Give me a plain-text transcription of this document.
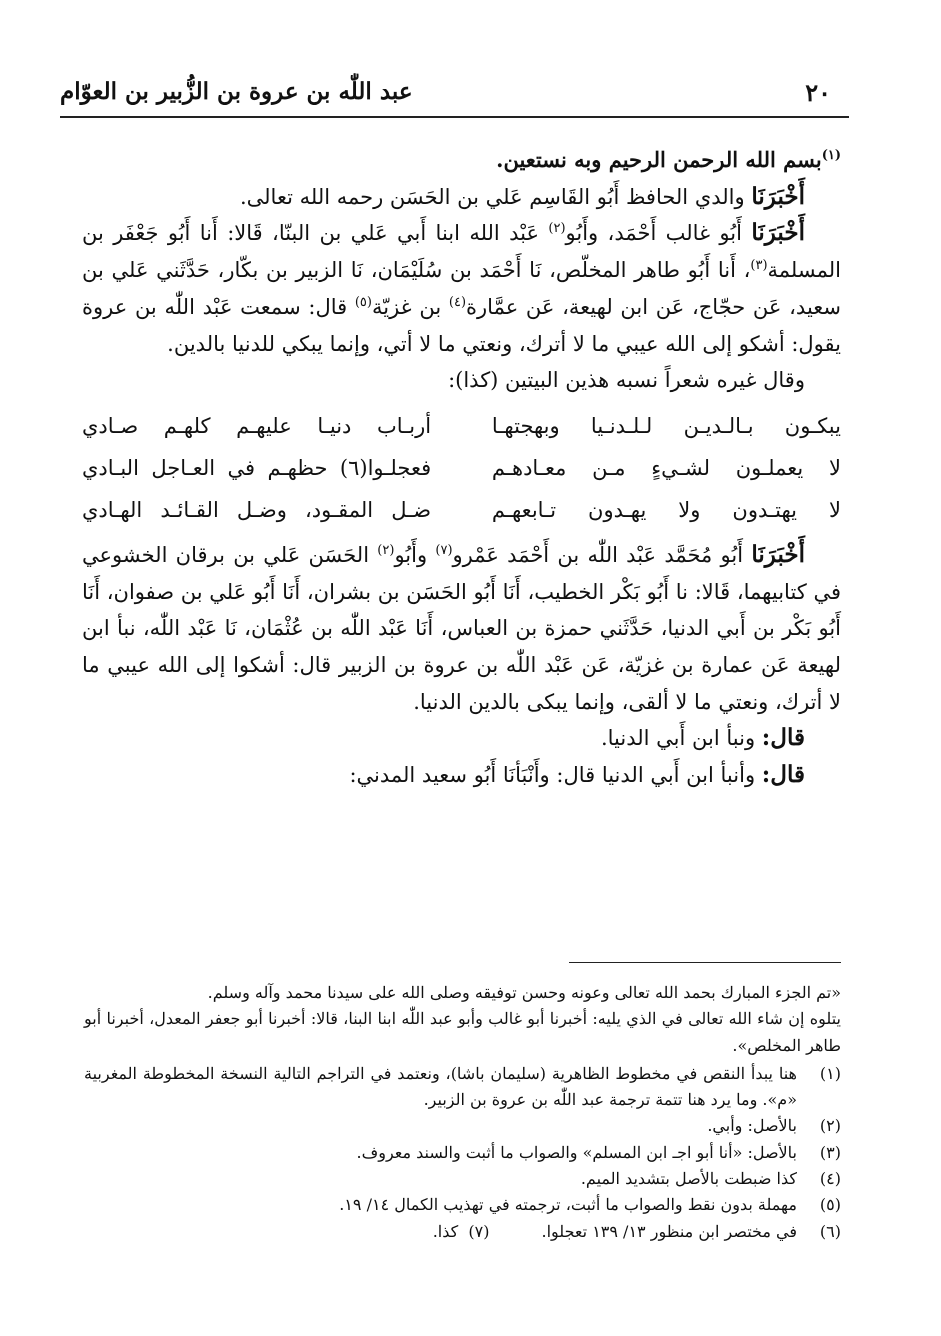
٢٠
عبد اللّٰه بن عروة بن الزُّبير بن العوّام

$^{(١)}$بسم الله الرحمن الرحيم وبه نستعين.

أَخْبَرَنَا والدي الحافظ أَبُو القَاسِم عَلي بن الحَسَن رحمه الله تعالى.

أَخْبَرَنَا أَبُو غالب أَحْمَد، وأَبُو$^{(٢)}$ عَبْد الله ابنا أَبي عَلي بن البنّا، قَالا: أَنا أَبُو جَعْفَر بن المسلمة$^{(٣)}$، أَنا أَبُو طاهر المخلّص، نَا أَحْمَد بن سُلَيْمَان، نَا الزبير بن بكّار، حَدَّثَني عَلي بن سعيد، عَن حجّاج، عَن ابن لهيعة، عَن عمَّارة$^{(٤)}$ بن غزيّة$^{(٥)}$ قال: سمعت عَبْد اللّٰه بن عروة يقول: أشكو إلى الله عيبي ما لا أترك، ونعتي ما لا أتي، وإنما يبكي للدنيا بالدين.

وقال غيره شعراً نسبه هذين البيتين (كذا):

يبكـون بـالـديـن لـلـدنـيا وبهجتهـا
أربـاب دنيـا عليهـم كلهـم صـادي
لا يعملـون لشـيءٍ مـن معـادهـم
فعجلـوا(٦) حظهـم في العـاجل البـادي
لا يهتـدون ولا يهـدون تـابعهـم
ضـل المقـود، وضـل القـائـد الهـادي

أَخْبَرَنَا أَبُو مُحَمَّد عَبْد اللّٰه بن أَحْمَد عَمْرو$^{(٧)}$ وأَبُو$^{(٢)}$ الحَسَن عَلي بن برقان الخشوعي في كتابيهما، قَالا: نا أَبُو بَكْر الخطيب، أَنَا أَبُو الحَسَن بن بشران، أَنَا أَبُو عَلي بن صفوان، أَنَا أَبُو بَكْر بن أَبي الدنيا، حَدَّثَني حمزة بن العباس، أَنَا عَبْد اللّٰه بن عُثْمَان، نَا عَبْد اللّٰه، نبأ ابن لهيعة عَن عمارة بن غزيّة، عَن عَبْد اللّٰه بن عروة بن الزبير قال: أشكوا إلى الله عيبي ما لا أترك، ونعتي ما لا ألقى، وإنما يبكى بالدين الدنيا.

قال: ونبأ ابن أَبي الدنيا.

قال: وأنبأ ابن أَبي الدنيا قال: وأَنْبَأنَا أَبُو سعيد المدني:

«تم الجزء المبارك بحمد الله تعالى وعونه وحسن توفيقه وصلى الله على سيدنا محمد وآله وسلم.
يتلوه إن شاء الله تعالى في الذي يليه: أخبرنا أبو غالب وأبو عبد اللّٰه ابنا البنا، قالا: أخبرنا أبو جعفر المعدل، أخبرنا أبو طاهر المخلص».

(١)
هنا يبدأ النقص في مخطوط الظاهرية (سليمان باشا)، ونعتمد في التراجم التالية النسخة المخطوطة المغربية «م». وما يرد هنا تتمة ترجمة عبد اللّٰه بن عروة بن الزبير.
(٢)
بالأصل: وأبي.
(٣)
بالأصل: «أنا أبو اجـ ابن المسلم» والصواب ما أثبت والسند معروف.
(٤)
كذا ضبطت بالأصل بتشديد الميم.
(٥)
مهملة بدون نقط والصواب ما أثبت، ترجمته في تهذيب الكمال ١٤/ ١٩.
(٦)
في مختصر ابن منظور ١٣/ ١٣٩ تعجلوا.
(٧)

كذا.
